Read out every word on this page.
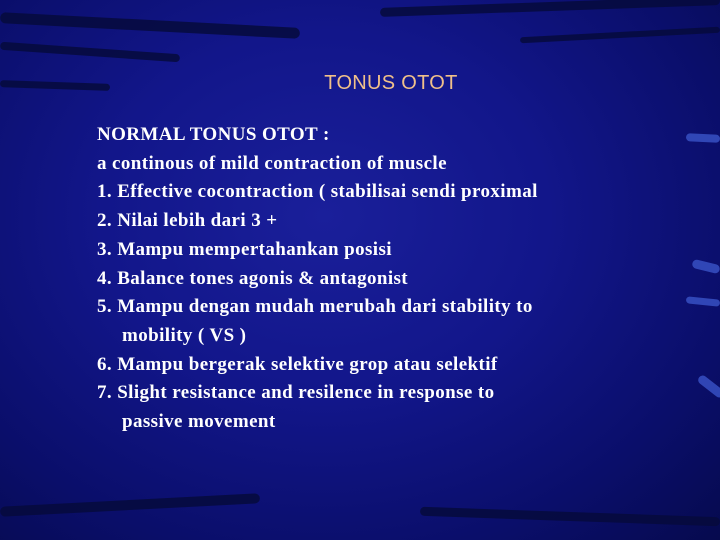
TONUS OTOT
NORMAL TONUS OTOT :
a continous of mild contraction of muscle
1. Effective cocontraction ( stabilisai sendi proximal
2. Nilai lebih dari 3 +
3. Mampu mempertahankan posisi
4. Balance tones agonis & antagonist
5. Mampu dengan mudah merubah dari stability to
mobility ( VS )
6. Mampu bergerak selektive grop atau selektif
7. Slight resistance and resilence in response to
passive movement
